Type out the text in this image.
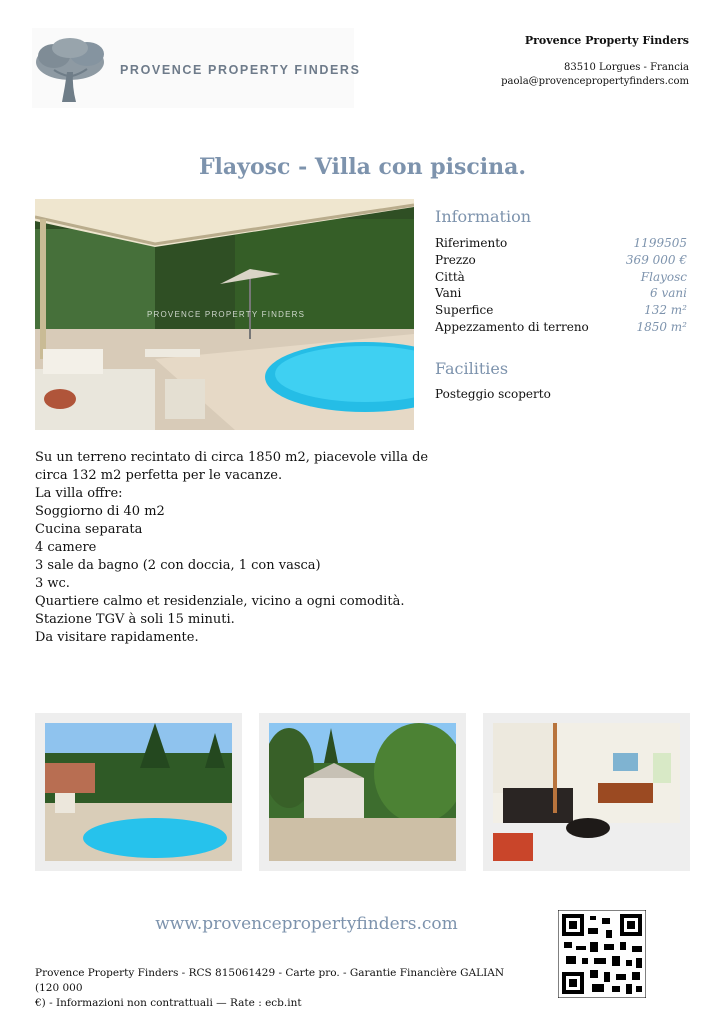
PROVENCE PROPERTY FINDERS
Provence Property Finders
83510 Lorgues - Francia
paola@provencepropertyfinders.com
Flayosc - Villa con piscina.
PROVENCE PROPERTY FINDERS
Information
Riferimento	1199505
Prezzo	369 000 €
Città	Flayosc
Vani	6 vani
Superfice	132 m²
Appezzamento di terreno	1850 m²
Facilities
Posteggio scoperto
Su un terreno recintato di circa 1850 m2, piacevole villa de
circa 132 m2 perfetta per le vacanze.
La villa offre:
Soggiorno di 40 m2
Cucina separata
4 camere
3 sale da bagno (2 con doccia, 1 con vasca)
3 wc.
Quartiere calmo et residenziale, vicino a ogni comodità.
Stazione TGV à soli 15 minuti.
Da visitare rapidamente.
www.provencepropertyfinders.com
Provence Property Finders - RCS 815061429 - Carte pro. - Garantie Financière GALIAN (120 000
€) - Informazioni non contrattuali — Rate : ecb.int
